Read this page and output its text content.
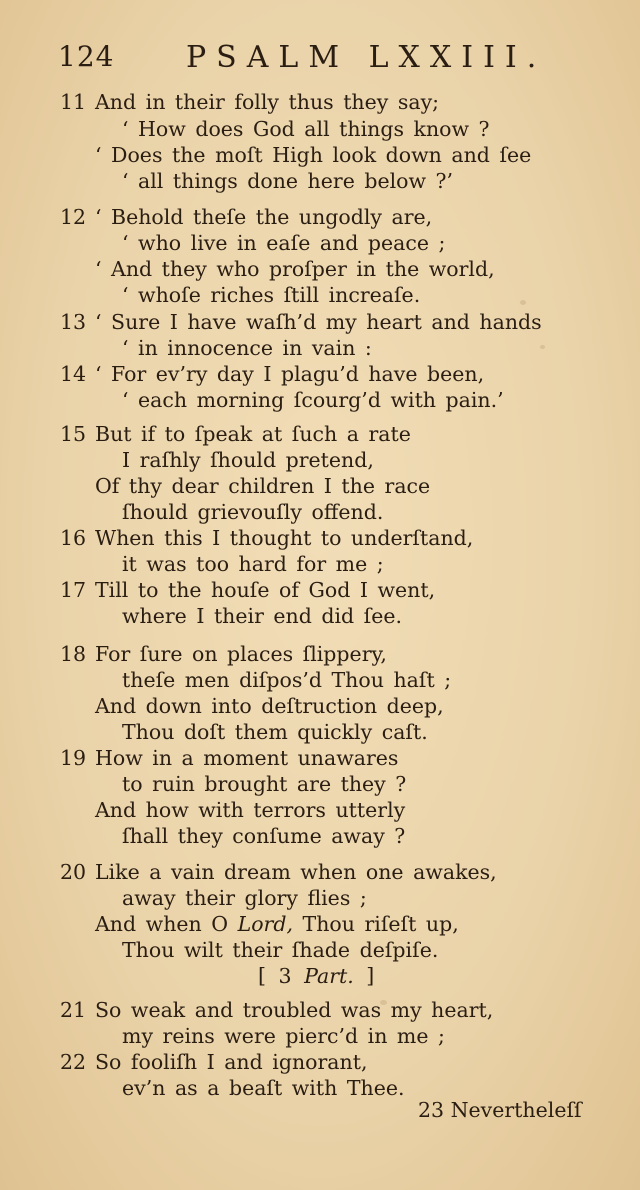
124 PSALM LXXIII.
11 And in their folly thus they say;
‘ How does God all things know ?
‘ Does the moſt High look down and ſee
‘ all things done here below ?’
12 ‘ Behold theſe the ungodly are,
‘ who live in eaſe and peace ;
‘ And they who proſper in the world,
‘ whoſe riches ſtill increaſe.
13 ‘ Sure I have waſh’d my heart and hands
‘ in innocence in vain :
14 ‘ For ev’ry day I plagu’d have been,
‘ each morning ſcourg’d with pain.’
15 But if to ſpeak at ſuch a rate
I raſhly ſhould pretend,
Of thy dear children I the race
ſhould grievouſly offend.
16 When this I thought to underſtand,
it was too hard for me ;
17 Till to the houſe of God I went,
where I their end did ſee.
18 For ſure on places ſlippery,
theſe men diſpos’d Thou haſt ;
And down into deſtruction deep,
Thou doſt them quickly caſt.
19 How in a moment unawares
to ruin brought are they ?
And how with terrors utterly
ſhall they conſume away ?
20 Like a vain dream when one awakes,
away their glory flies ;
And when O Lord, Thou riſeſt up,
Thou wilt their ſhade deſpiſe.
[ 3 Part. ]
21 So weak and troubled was my heart,
my reins were pierc’d in me ;
22 So fooliſh I and ignorant,
ev’n as a beaſt with Thee.
23 Nevertheleſſ
